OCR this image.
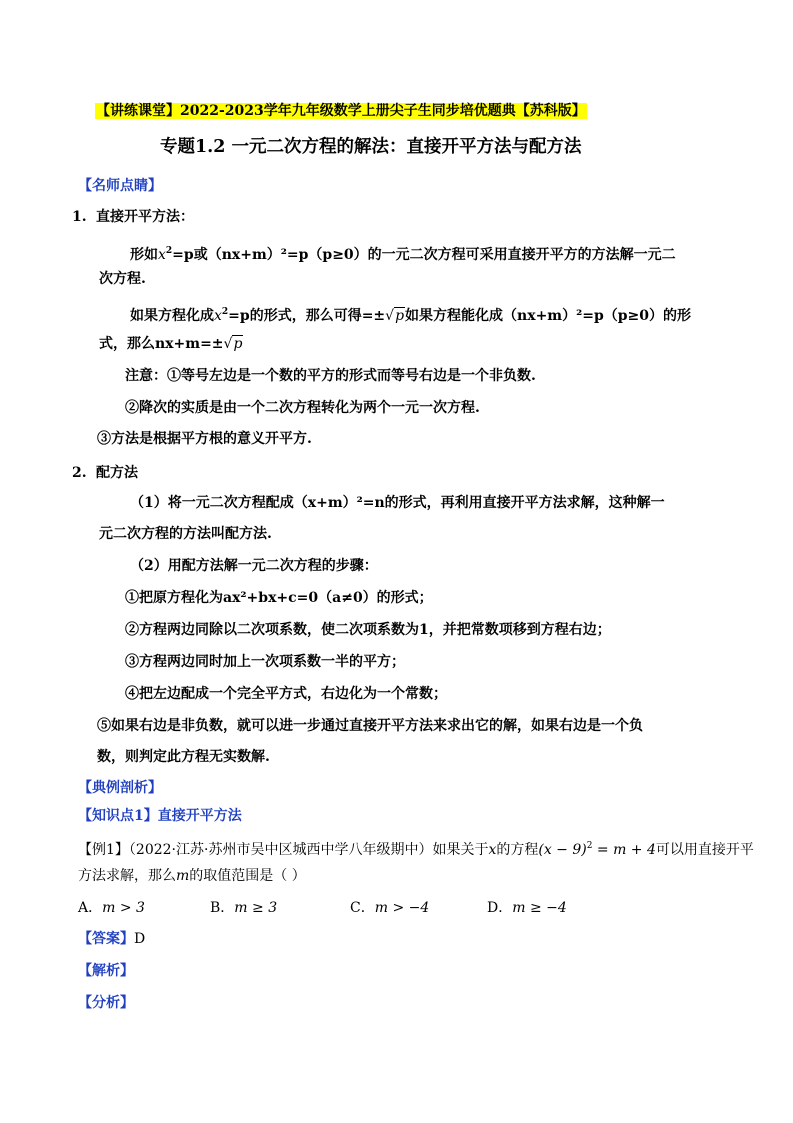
【讲练课堂】2022-2023学年九年级数学上册尖子生同步培优题典【苏科版】
专题1.2 一元二次方程的解法：直接开平方法与配方法
【名师点睛】
1. 直接开平方法：
形如$x^2=p$或（nx+m）²=p（p≥0）的一元二次方程可采用直接开平方的方法解一元二
次方程.
如果方程化成$x^2=p$的形式，那么可得=±√p如果方程能化成（nx+m）²=p（p≥0）的形
式，那么nx+m=±√p
注意：①等号左边是一个数的平方的形式而等号右边是一个非负数.
②降次的实质是由一个二次方程转化为两个一元一次方程.
③方法是根据平方根的意义开平方.
2. 配方法
（1）将一元二次方程配成（x+m）²=n的形式，再利用直接开平方法求解，这种解一
元二次方程的方法叫配方法.
（2）用配方法解一元二次方程的步骤：
①把原方程化为ax²+bx+c=0（a≠0）的形式；
②方程两边同除以二次项系数，使二次项系数为1，并把常数项移到方程右边；
③方程两边同时加上一次项系数一半的平方；
④把左边配成一个完全平方式，右边化为一个常数；
⑤如果右边是非负数，就可以进一步通过直接开平方法来求出它的解，如果右边是一个负
数，则判定此方程无实数解.
【典例剖析】
【知识点1】直接开平方法
【例1】（2022·江苏·苏州市吴中区城西中学八年级期中）如果关于x的方程$(x - 9)^2 = m + 4$可以用直接开平
方法求解，那么m的取值范围是（ ）
A．m > 3	B．m ≥ 3	C．m > −4	D．m ≥ −4
【答案】D
【解析】
【分析】
